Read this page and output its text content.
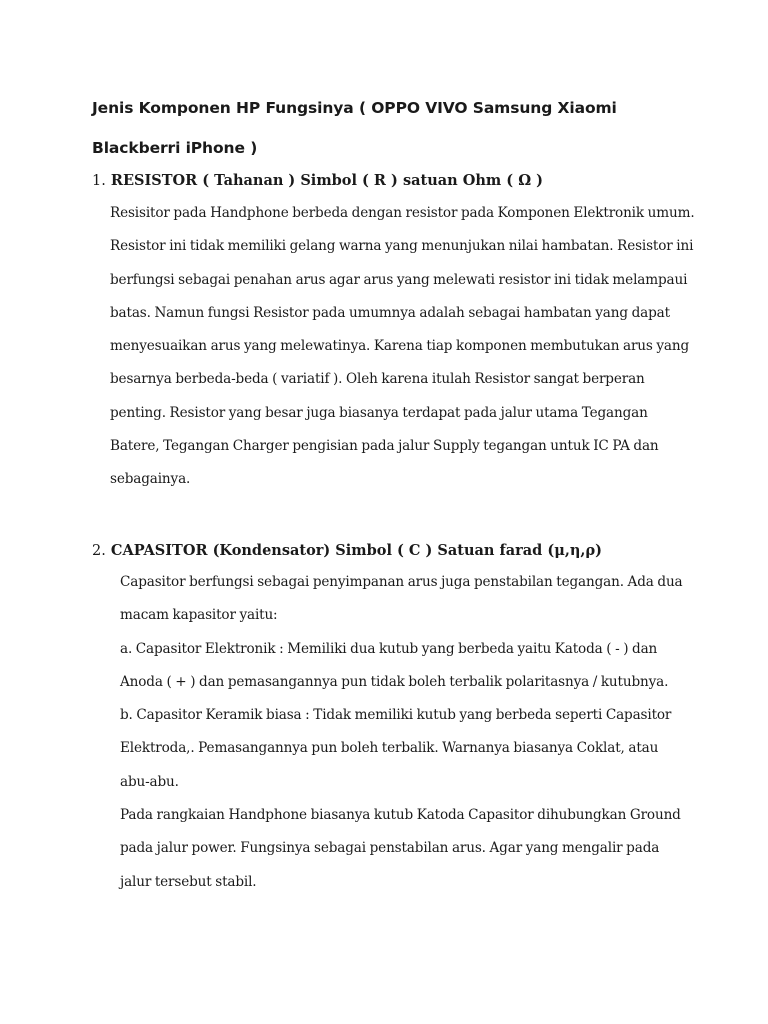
Jenis Komponen HP Fungsinya ( OPPO VIVO Samsung Xiaomi Blackberri iPhone )
1. RESISTOR ( Tahanan ) Simbol ( R ) satuan Ohm ( Ω )

Resisitor pada Handphone berbeda dengan resistor pada Komponen Elektronik umum. Resistor ini tidak memiliki gelang warna yang menunjukan nilai hambatan. Resistor ini berfungsi sebagai penahan arus agar arus yang melewati resistor ini tidak melampaui batas. Namun fungsi Resistor pada umumnya adalah sebagai hambatan yang dapat menyesuaikan arus yang melewatinya. Karena tiap komponen membutukan arus yang besarnya berbeda-beda ( variatif ). Oleh karena itulah Resistor sangat berperan penting. Resistor yang besar juga biasanya terdapat pada jalur utama Tegangan Batere, Tegangan Charger pengisian pada jalur Supply tegangan untuk IC PA dan sebagainya.

2. CAPASITOR (Kondensator) Simbol ( C ) Satuan farad (μ,η,ρ)
Capasitor berfungsi sebagai penyimpanan arus juga penstabilan tegangan. Ada dua macam kapasitor yaitu:
a. Capasitor Elektronik : Memiliki dua kutub yang berbeda yaitu Katoda ( - ) dan Anoda ( + ) dan pemasangannya pun tidak boleh terbalik polaritasnya / kutubnya.
b. Capasitor Keramik biasa : Tidak memiliki kutub yang berbeda seperti Capasitor Elektroda,. Pemasangannya pun boleh terbalik. Warnanya biasanya Coklat, atau abu-abu.
Pada rangkaian Handphone biasanya kutub Katoda Capasitor dihubungkan Ground pada jalur power. Fungsinya sebagai penstabilan arus. Agar yang mengalir pada jalur tersebut stabil.
